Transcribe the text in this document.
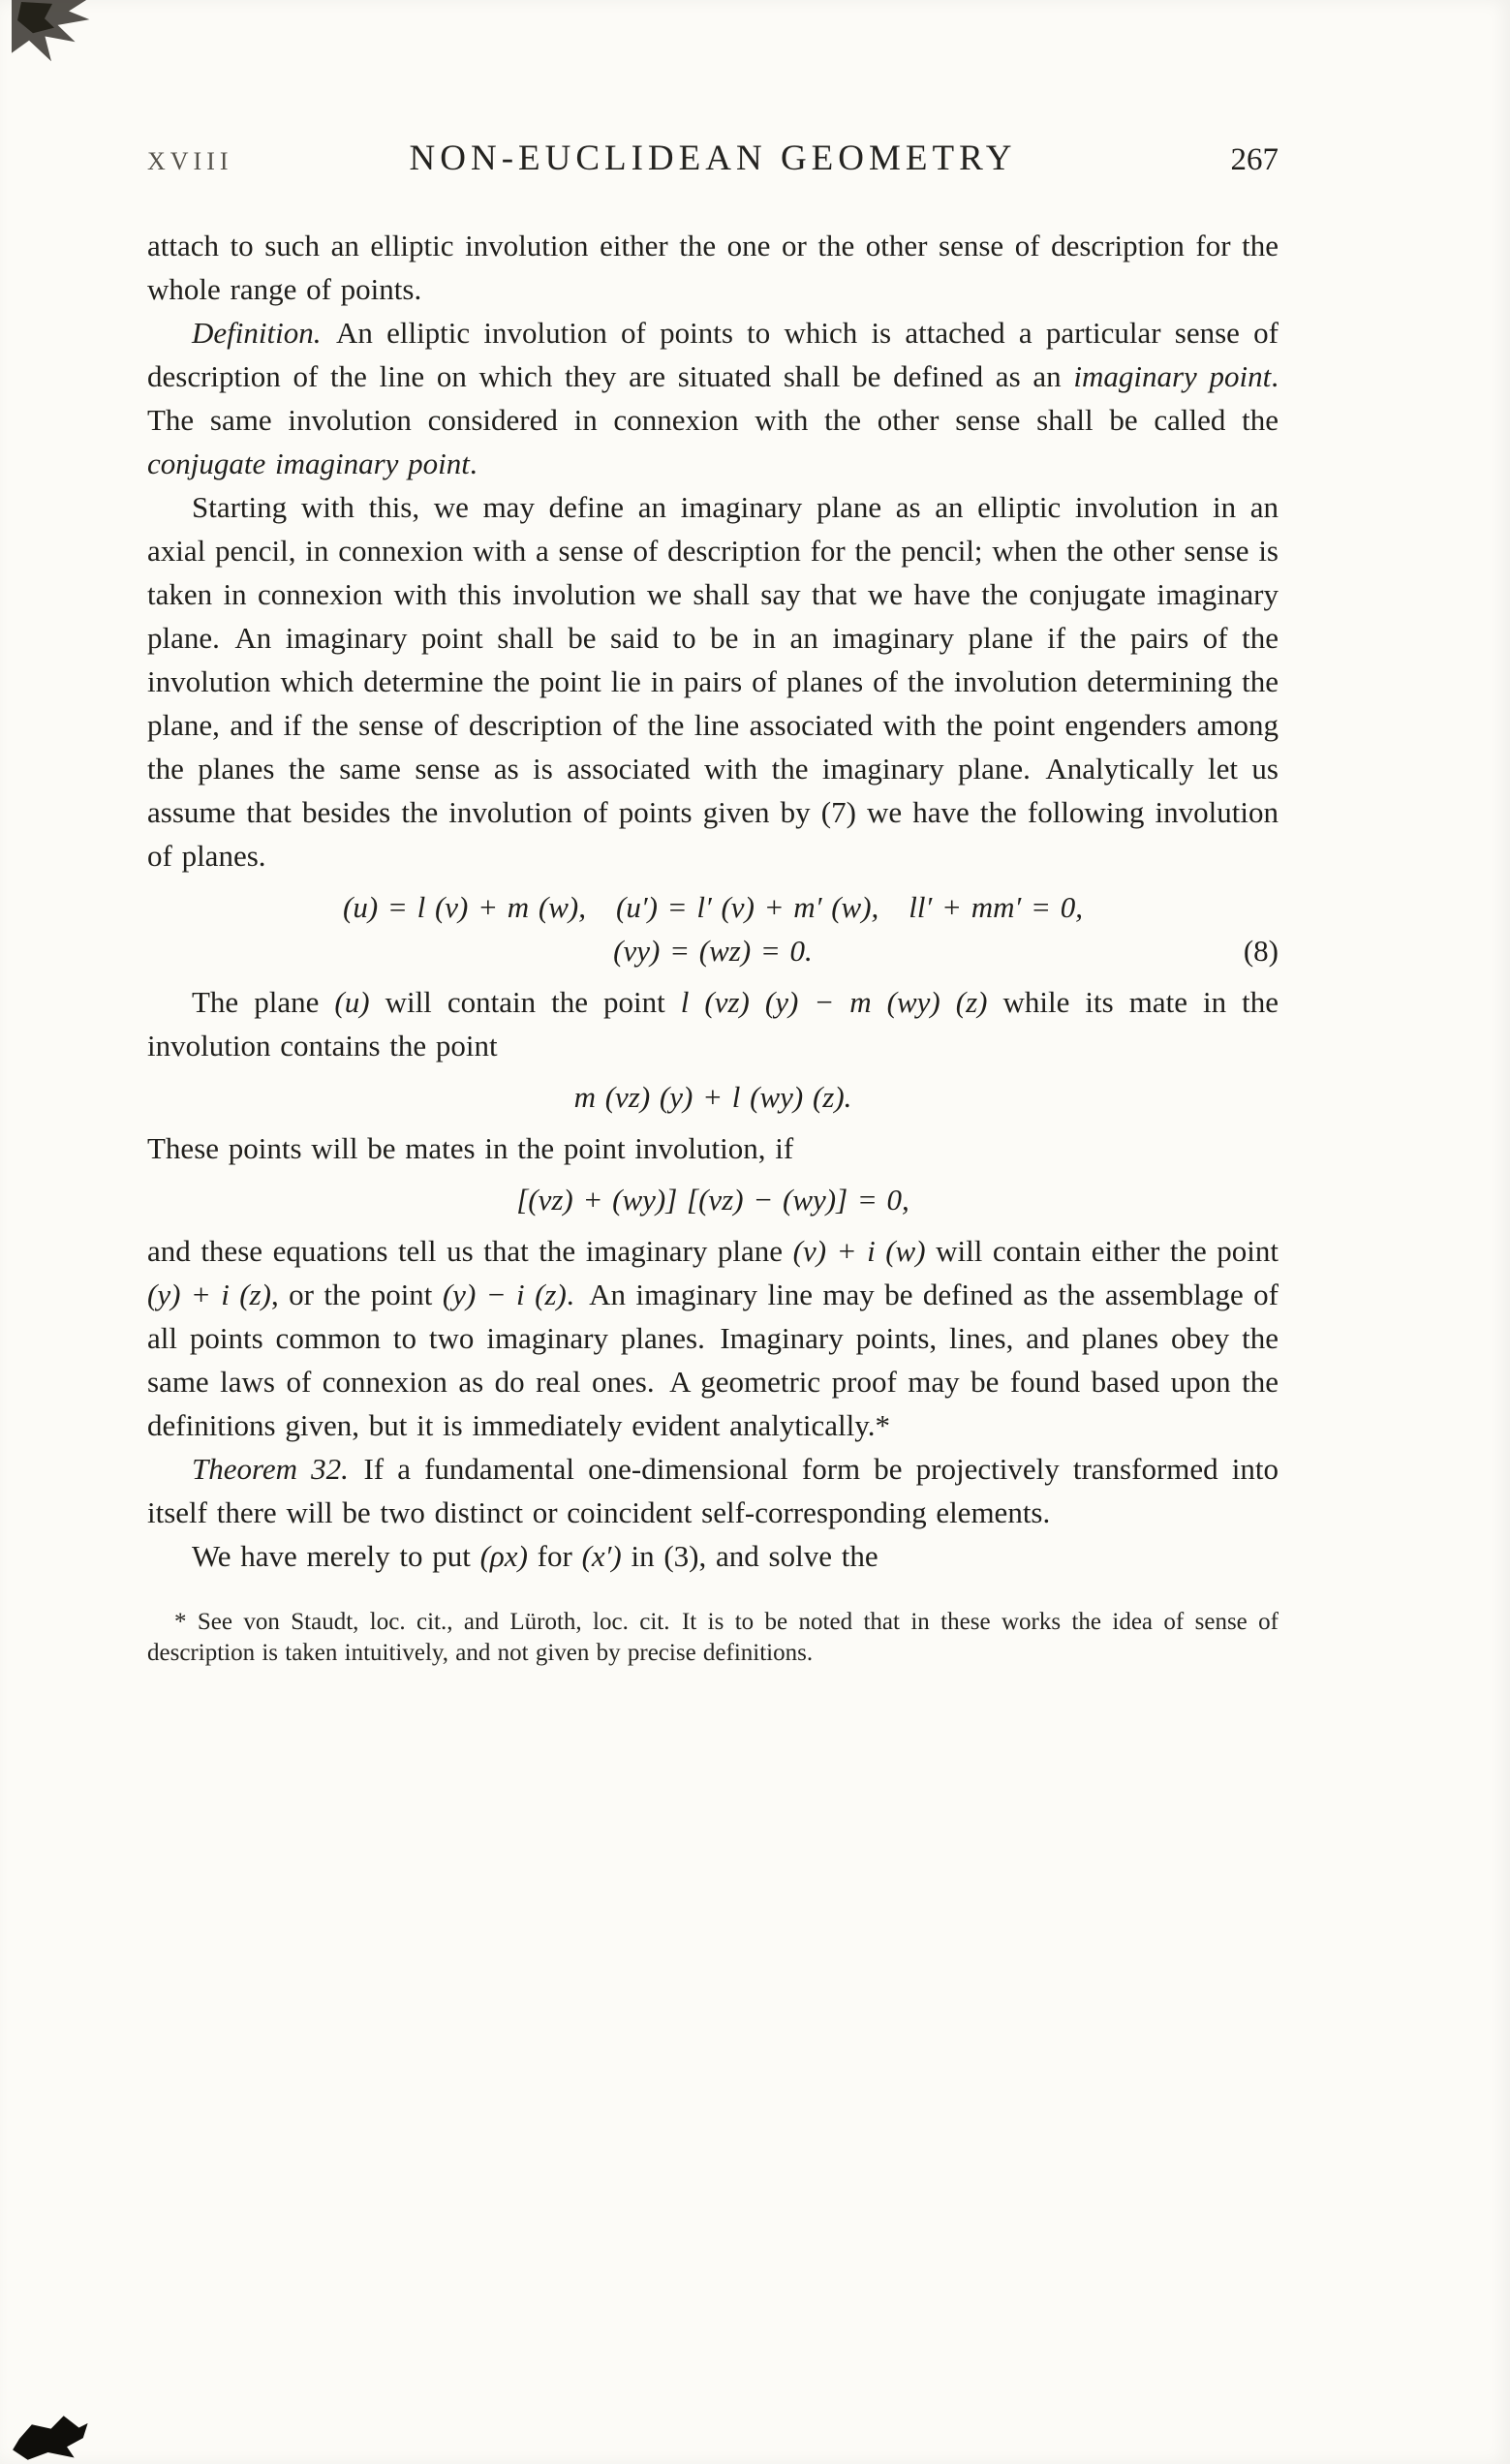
XVIII	NON-EUCLIDEAN GEOMETRY	267

attach to such an elliptic involution either the one or the other sense of description for the whole range of points.

Definition. An elliptic involution of points to which is attached a particular sense of description of the line on which they are situated shall be defined as an imaginary point. The same involution considered in connexion with the other sense shall be called the conjugate imaginary point.

Starting with this, we may define an imaginary plane as an elliptic involution in an axial pencil, in connexion with a sense of description for the pencil; when the other sense is taken in connexion with this involution we shall say that we have the conjugate imaginary plane. An imaginary point shall be said to be in an imaginary plane if the pairs of the involution which determine the point lie in pairs of planes of the involution determining the plane, and if the sense of description of the line associated with the point engenders among the planes the same sense as is associated with the imaginary plane. Analytically let us assume that besides the involution of points given by (7) we have the following involution of planes.

(u) = l (v) + m (w), (u′) = l′ (v) + m′ (w), ll′ + mm′ = 0,
(vy) = (wz) = 0.	(8)

The plane (u) will contain the point l (vz) (y) − m (wy) (z) while its mate in the involution contains the point

m (vz) (y) + l (wy) (z).

These points will be mates in the point involution, if

[(vz) + (wy)] [(vz) − (wy)] = 0,

and these equations tell us that the imaginary plane (v) + i (w) will contain either the point (y) + i (z), or the point (y) − i (z). An imaginary line may be defined as the assemblage of all points common to two imaginary planes. Imaginary points, lines, and planes obey the same laws of connexion as do real ones. A geometric proof may be found based upon the definitions given, but it is immediately evident analytically.*

Theorem 32. If a fundamental one-dimensional form be projectively transformed into itself there will be two distinct or coincident self-corresponding elements.

We have merely to put (ρx) for (x′) in (3), and solve the

* See von Staudt, loc. cit., and Lüroth, loc. cit. It is to be noted that in these works the idea of sense of description is taken intuitively, and not given by precise definitions.
